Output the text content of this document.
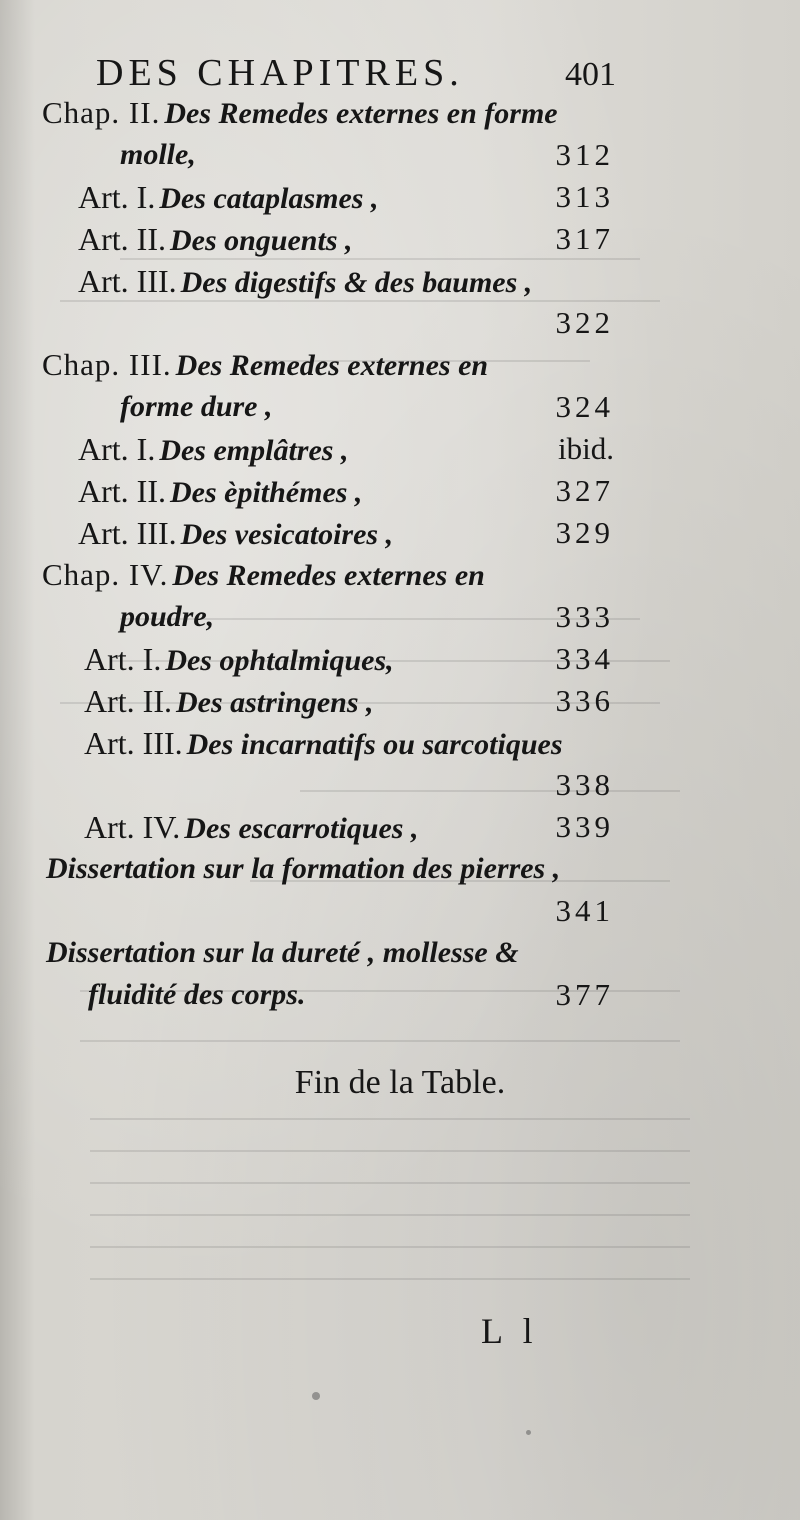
DES CHAPITRES.	401
Chap. II. Des Remedes externes en forme
molle,	312
Art. I. Des cataplasmes ,	313
Art. II. Des onguents ,	317
Art. III. Des digestifs & des baumes ,
322
Chap. III. Des Remedes externes en
forme dure ,	324
Art. I. Des emplâtres ,	ibid.
Art. II. Des èpithémes ,	327
Art. III. Des vesicatoires ,	329
Chap. IV. Des Remedes externes en
poudre,	333
Art. I. Des ophtalmiques,	334
Art. II. Des astringens ,	336
Art. III. Des incarnatifs ou sarcotiques
338
Art. IV. Des escarrotiques ,	339
Dissertation sur la formation des pierres ,
341
Dissertation sur la dureté , mollesse &
fluidité des corps.	377
Fin de la Table.
L l
